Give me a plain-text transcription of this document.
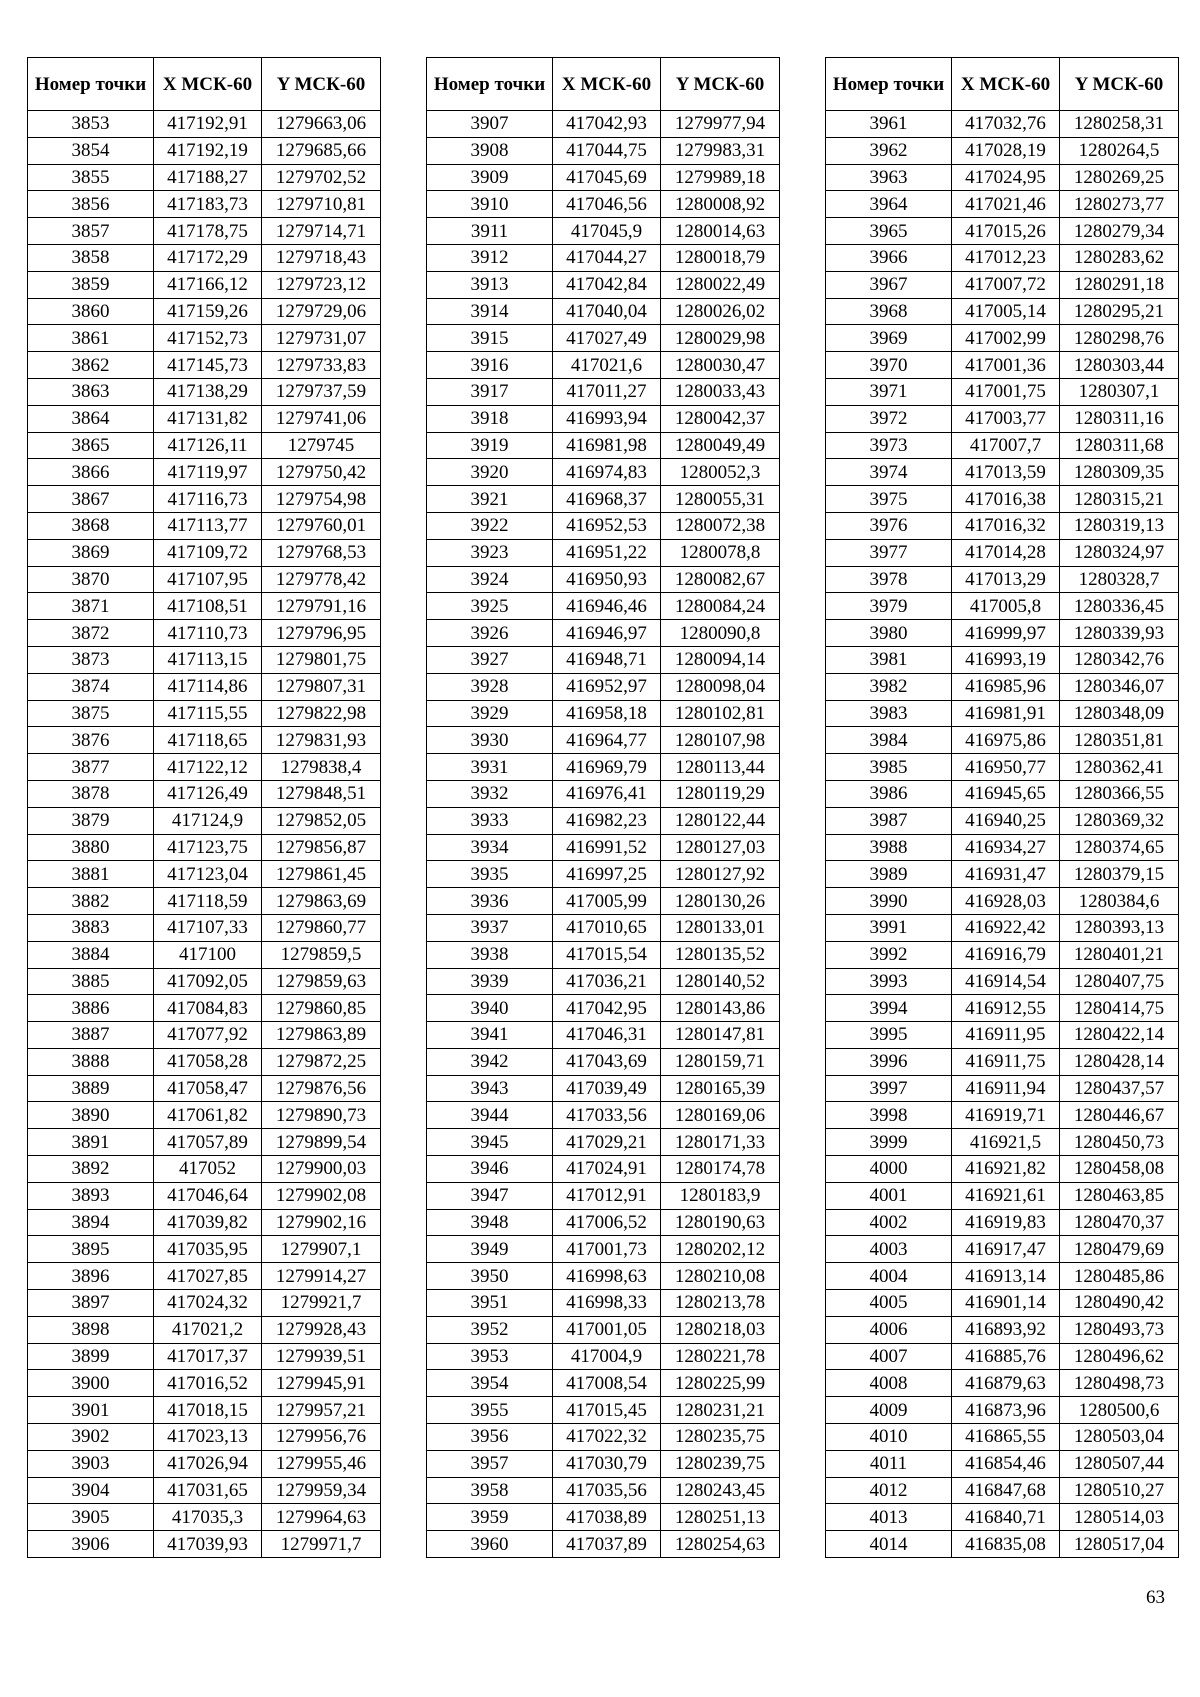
Номер точки	X МСК-60	Y МСК-60
3853	417192,91	1279663,06
3854	417192,19	1279685,66
3855	417188,27	1279702,52
3856	417183,73	1279710,81
3857	417178,75	1279714,71
3858	417172,29	1279718,43
3859	417166,12	1279723,12
3860	417159,26	1279729,06
3861	417152,73	1279731,07
3862	417145,73	1279733,83
3863	417138,29	1279737,59
3864	417131,82	1279741,06
3865	417126,11	1279745
3866	417119,97	1279750,42
3867	417116,73	1279754,98
3868	417113,77	1279760,01
3869	417109,72	1279768,53
3870	417107,95	1279778,42
3871	417108,51	1279791,16
3872	417110,73	1279796,95
3873	417113,15	1279801,75
3874	417114,86	1279807,31
3875	417115,55	1279822,98
3876	417118,65	1279831,93
3877	417122,12	1279838,4
3878	417126,49	1279848,51
3879	417124,9	1279852,05
3880	417123,75	1279856,87
3881	417123,04	1279861,45
3882	417118,59	1279863,69
3883	417107,33	1279860,77
3884	417100	1279859,5
3885	417092,05	1279859,63
3886	417084,83	1279860,85
3887	417077,92	1279863,89
3888	417058,28	1279872,25
3889	417058,47	1279876,56
3890	417061,82	1279890,73
3891	417057,89	1279899,54
3892	417052	1279900,03
3893	417046,64	1279902,08
3894	417039,82	1279902,16
3895	417035,95	1279907,1
3896	417027,85	1279914,27
3897	417024,32	1279921,7
3898	417021,2	1279928,43
3899	417017,37	1279939,51
3900	417016,52	1279945,91
3901	417018,15	1279957,21
3902	417023,13	1279956,76
3903	417026,94	1279955,46
3904	417031,65	1279959,34
3905	417035,3	1279964,63
3906	417039,93	1279971,7
Номер точки	X МСК-60	Y МСК-60
3907	417042,93	1279977,94
3908	417044,75	1279983,31
3909	417045,69	1279989,18
3910	417046,56	1280008,92
3911	417045,9	1280014,63
3912	417044,27	1280018,79
3913	417042,84	1280022,49
3914	417040,04	1280026,02
3915	417027,49	1280029,98
3916	417021,6	1280030,47
3917	417011,27	1280033,43
3918	416993,94	1280042,37
3919	416981,98	1280049,49
3920	416974,83	1280052,3
3921	416968,37	1280055,31
3922	416952,53	1280072,38
3923	416951,22	1280078,8
3924	416950,93	1280082,67
3925	416946,46	1280084,24
3926	416946,97	1280090,8
3927	416948,71	1280094,14
3928	416952,97	1280098,04
3929	416958,18	1280102,81
3930	416964,77	1280107,98
3931	416969,79	1280113,44
3932	416976,41	1280119,29
3933	416982,23	1280122,44
3934	416991,52	1280127,03
3935	416997,25	1280127,92
3936	417005,99	1280130,26
3937	417010,65	1280133,01
3938	417015,54	1280135,52
3939	417036,21	1280140,52
3940	417042,95	1280143,86
3941	417046,31	1280147,81
3942	417043,69	1280159,71
3943	417039,49	1280165,39
3944	417033,56	1280169,06
3945	417029,21	1280171,33
3946	417024,91	1280174,78
3947	417012,91	1280183,9
3948	417006,52	1280190,63
3949	417001,73	1280202,12
3950	416998,63	1280210,08
3951	416998,33	1280213,78
3952	417001,05	1280218,03
3953	417004,9	1280221,78
3954	417008,54	1280225,99
3955	417015,45	1280231,21
3956	417022,32	1280235,75
3957	417030,79	1280239,75
3958	417035,56	1280243,45
3959	417038,89	1280251,13
3960	417037,89	1280254,63
Номер точки	X МСК-60	Y МСК-60
3961	417032,76	1280258,31
3962	417028,19	1280264,5
3963	417024,95	1280269,25
3964	417021,46	1280273,77
3965	417015,26	1280279,34
3966	417012,23	1280283,62
3967	417007,72	1280291,18
3968	417005,14	1280295,21
3969	417002,99	1280298,76
3970	417001,36	1280303,44
3971	417001,75	1280307,1
3972	417003,77	1280311,16
3973	417007,7	1280311,68
3974	417013,59	1280309,35
3975	417016,38	1280315,21
3976	417016,32	1280319,13
3977	417014,28	1280324,97
3978	417013,29	1280328,7
3979	417005,8	1280336,45
3980	416999,97	1280339,93
3981	416993,19	1280342,76
3982	416985,96	1280346,07
3983	416981,91	1280348,09
3984	416975,86	1280351,81
3985	416950,77	1280362,41
3986	416945,65	1280366,55
3987	416940,25	1280369,32
3988	416934,27	1280374,65
3989	416931,47	1280379,15
3990	416928,03	1280384,6
3991	416922,42	1280393,13
3992	416916,79	1280401,21
3993	416914,54	1280407,75
3994	416912,55	1280414,75
3995	416911,95	1280422,14
3996	416911,75	1280428,14
3997	416911,94	1280437,57
3998	416919,71	1280446,67
3999	416921,5	1280450,73
4000	416921,82	1280458,08
4001	416921,61	1280463,85
4002	416919,83	1280470,37
4003	416917,47	1280479,69
4004	416913,14	1280485,86
4005	416901,14	1280490,42
4006	416893,92	1280493,73
4007	416885,76	1280496,62
4008	416879,63	1280498,73
4009	416873,96	1280500,6
4010	416865,55	1280503,04
4011	416854,46	1280507,44
4012	416847,68	1280510,27
4013	416840,71	1280514,03
4014	416835,08	1280517,04
63
